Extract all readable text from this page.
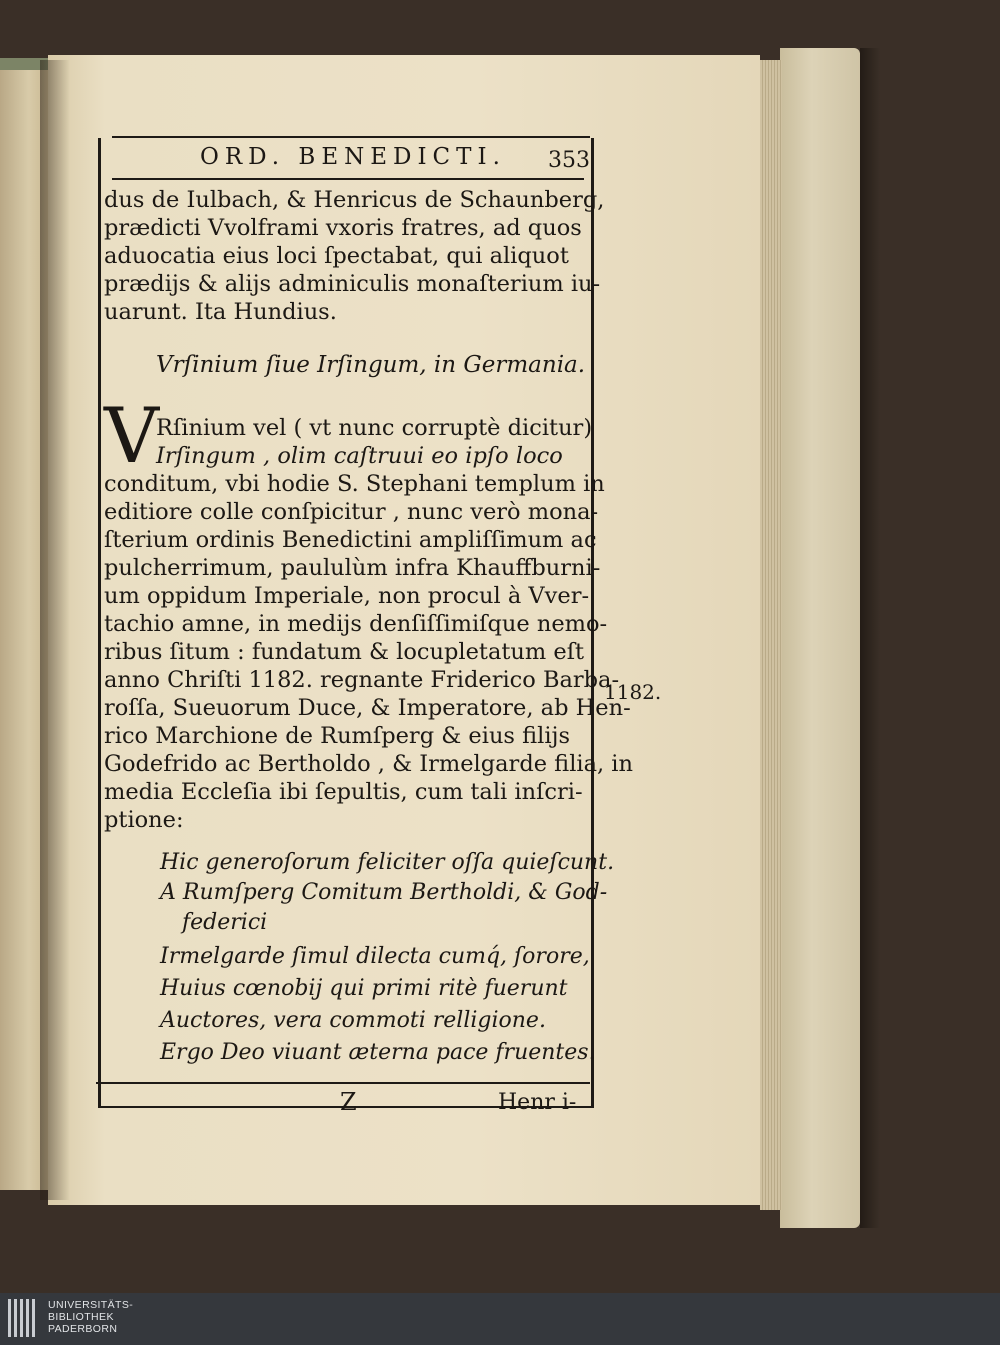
ORD. BENEDICTI. 353
dus de Iulbach, & Henricus de Schaunberg,
prædicti Vvolframi vxoris fratres, ad quos
aduocatia eius loci ſpectabat, qui aliquot
prædijs & alijs adminiculis monaſterium iu-
uarunt. Ita Hundius.
Vrſinium ſiue Irſingum, in Germania.
V
Rſinium vel ( vt nunc corruptè dicitur)
Irſingum , olim caſtruui eo ipſo loco
conditum, vbi hodie S. Stephani templum in
editiore colle conſpicitur , nunc verò mona-
ſterium ordinis Benedictini ampliſſimum ac
pulcherrimum, paululùm infra Khauffburni-
um oppidum Imperiale, non procul à Vver-
tachio amne, in medijs denſiſſimiſque nemo-
ribus ſitum : fundatum & locupletatum eſt
anno Chriſti 1182. regnante Friderico Barba-
roſſa, Sueuorum Duce, & Imperatore, ab Hen-
rico Marchione de Rumſperg & eius filijs
Godefrido ac Bertholdo , & Irmelgarde filia, in
media Eccleſia ibi ſepultis, cum tali inſcri-
ptione:
Hic generoſorum feliciter oſſa quieſcunt.
A Rumſperg Comitum Bertholdi, & God-
federici
Irmelgarde ſimul dilecta cumq́, ſorore,
Huius cœnobij qui primi ritè fuerunt
Auctores, vera commoti relligione.
Ergo Deo viuant æterna pace fruentes.
1182.
Z	Henr i-
UNIVERSITÄTS-
BIBLIOTHEK
PADERBORN
